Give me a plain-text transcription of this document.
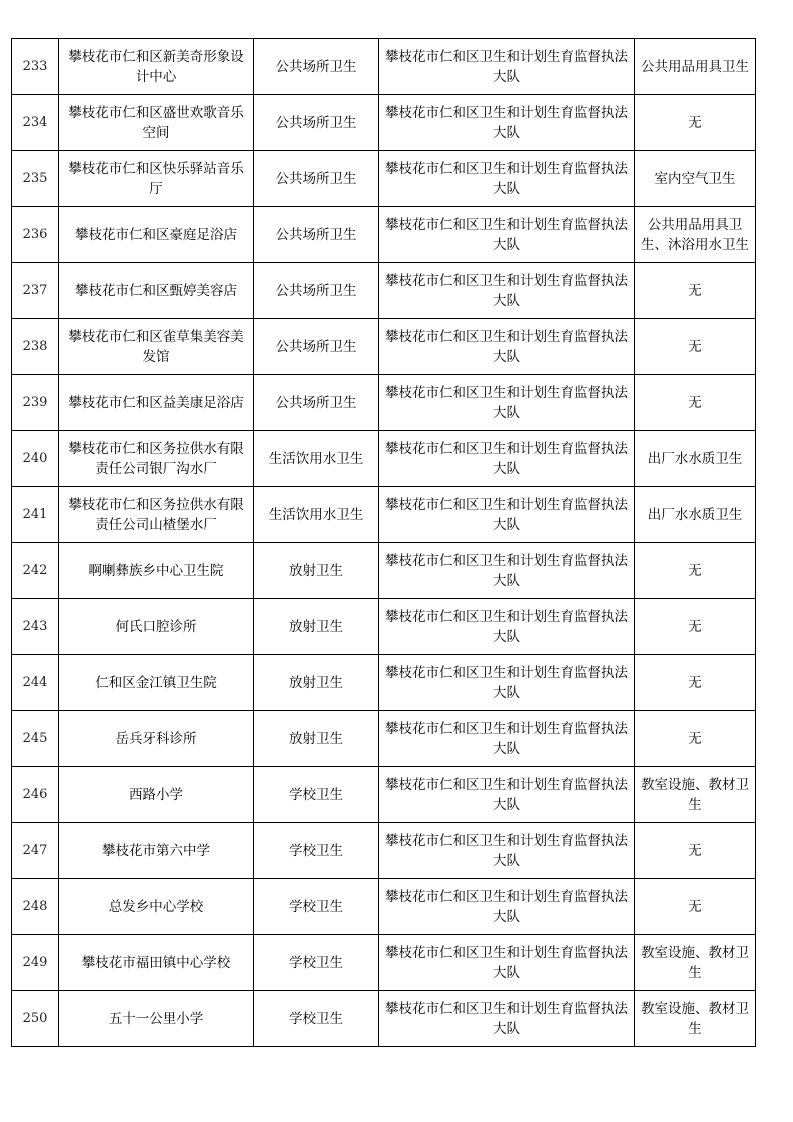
233	攀枝花市仁和区新美奇形象设计中心	公共场所卫生	攀枝花市仁和区卫生和计划生育监督执法大队	公共用品用具卫生
234	攀枝花市仁和区盛世欢歌音乐空间	公共场所卫生	攀枝花市仁和区卫生和计划生育监督执法大队	无
235	攀枝花市仁和区快乐驿站音乐厅	公共场所卫生	攀枝花市仁和区卫生和计划生育监督执法大队	室内空气卫生
236	攀枝花市仁和区豪庭足浴店	公共场所卫生	攀枝花市仁和区卫生和计划生育监督执法大队	公共用品用具卫生、沐浴用水卫生
237	攀枝花市仁和区甄婷美容店	公共场所卫生	攀枝花市仁和区卫生和计划生育监督执法大队	无
238	攀枝花市仁和区雀草集美容美发馆	公共场所卫生	攀枝花市仁和区卫生和计划生育监督执法大队	无
239	攀枝花市仁和区益美康足浴店	公共场所卫生	攀枝花市仁和区卫生和计划生育监督执法大队	无
240	攀枝花市仁和区务拉供水有限责任公司银厂沟水厂	生活饮用水卫生	攀枝花市仁和区卫生和计划生育监督执法大队	出厂水水质卫生
241	攀枝花市仁和区务拉供水有限责任公司山楂堡水厂	生活饮用水卫生	攀枝花市仁和区卫生和计划生育监督执法大队	出厂水水质卫生
242	啊喇彝族乡中心卫生院	放射卫生	攀枝花市仁和区卫生和计划生育监督执法大队	无
243	何氏口腔诊所	放射卫生	攀枝花市仁和区卫生和计划生育监督执法大队	无
244	仁和区金江镇卫生院	放射卫生	攀枝花市仁和区卫生和计划生育监督执法大队	无
245	岳兵牙科诊所	放射卫生	攀枝花市仁和区卫生和计划生育监督执法大队	无
246	西路小学	学校卫生	攀枝花市仁和区卫生和计划生育监督执法大队	教室设施、教材卫生
247	攀枝花市第六中学	学校卫生	攀枝花市仁和区卫生和计划生育监督执法大队	无
248	总发乡中心学校	学校卫生	攀枝花市仁和区卫生和计划生育监督执法大队	无
249	攀枝花市福田镇中心学校	学校卫生	攀枝花市仁和区卫生和计划生育监督执法大队	教室设施、教材卫生
250	五十一公里小学	学校卫生	攀枝花市仁和区卫生和计划生育监督执法大队	教室设施、教材卫生
